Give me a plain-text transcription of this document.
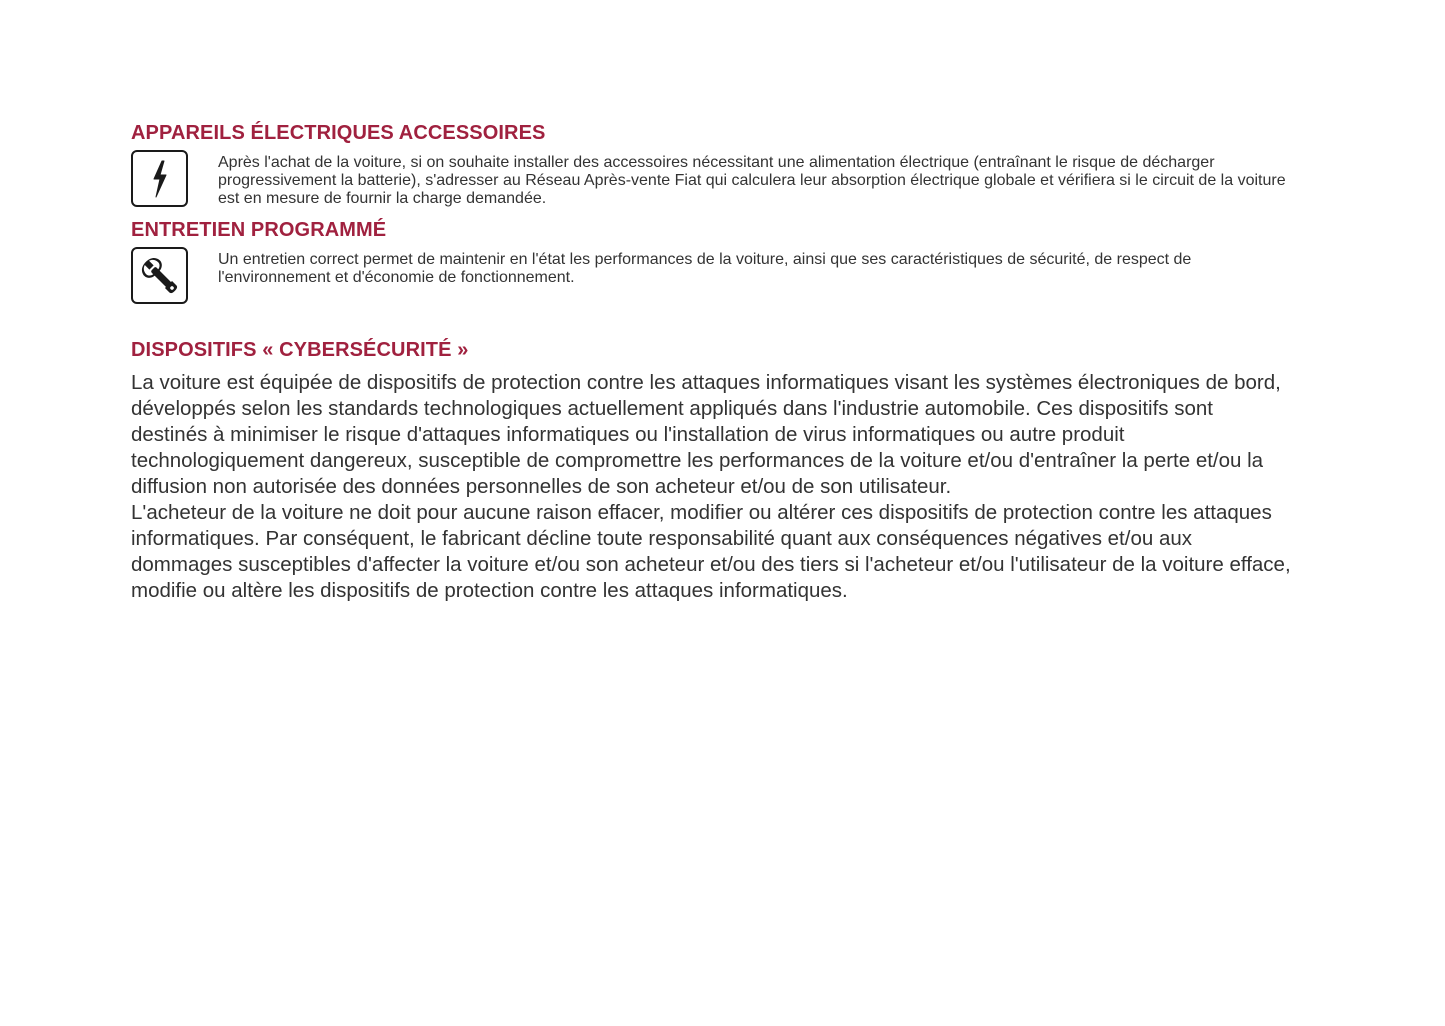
APPAREILS ÉLECTRIQUES ACCESSOIRES
Après l'achat de la voiture, si on souhaite installer des accessoires nécessitant une alimentation électrique (entraînant le risque de décharger progressivement la batterie), s'adresser au Réseau Après-vente Fiat qui calculera leur absorption électrique globale et vérifiera si le circuit de la voiture est en mesure de fournir la charge demandée.
ENTRETIEN PROGRAMMÉ
Un entretien correct permet de maintenir en l'état les performances de la voiture, ainsi que ses caractéristiques de sécurité, de respect de l'environnement et d'économie de fonctionnement.
DISPOSITIFS « CYBERSÉCURITÉ »

La voiture est équipée de dispositifs de protection contre les attaques informatiques visant les systèmes électroniques de bord, développés selon les standards technologiques actuellement appliqués dans l'industrie automobile. Ces dispositifs sont destinés à minimiser le risque d'attaques informatiques ou l'installation de virus informatiques ou autre produit technologiquement dangereux, susceptible de compromettre les performances de la voiture et/ou d'entraîner la perte et/ou la diffusion non autorisée des données personnelles de son acheteur et/ou de son utilisateur.

L'acheteur de la voiture ne doit pour aucune raison effacer, modifier ou altérer ces dispositifs de protection contre les attaques informatiques. Par conséquent, le fabricant décline toute responsabilité quant aux conséquences négatives et/ou aux dommages susceptibles d'affecter la voiture et/ou son acheteur et/ou des tiers si l'acheteur et/ou l'utilisateur de la voiture efface, modifie ou altère les dispositifs de protection contre les attaques informatiques.
